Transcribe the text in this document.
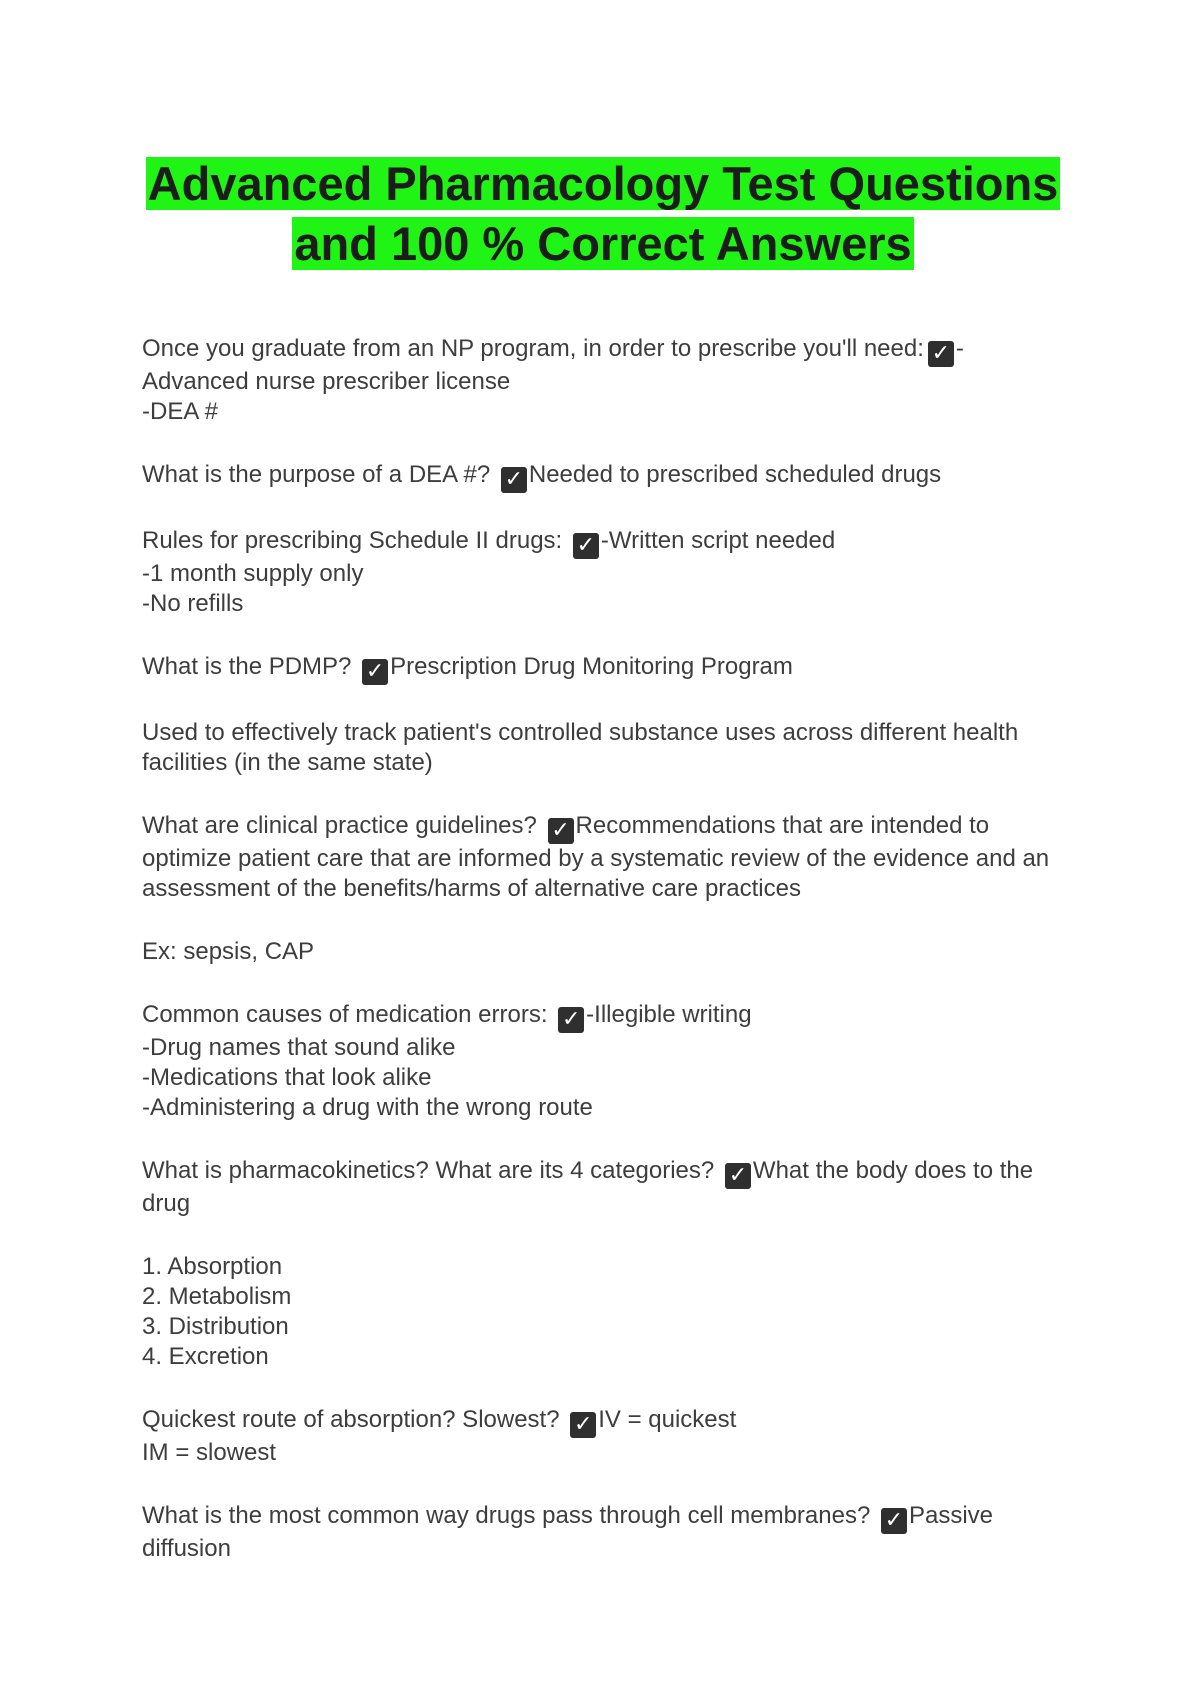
Advanced Pharmacology Test Questions
and 100 % Correct Answers
Once you graduate from an NP program, in order to prescribe you'll need: ✓ -
Advanced nurse prescriber license
-DEA #
What is the purpose of a DEA #? ✓ Needed to prescribed scheduled drugs
Rules for prescribing Schedule II drugs: ✓ -Written script needed
-1 month supply only
-No refills
What is the PDMP? ✓ Prescription Drug Monitoring Program
Used to effectively track patient's controlled substance uses across different health facilities (in the same state)
What are clinical practice guidelines? ✓ Recommendations that are intended to optimize patient care that are informed by a systematic review of the evidence and an assessment of the benefits/harms of alternative care practices
Ex: sepsis, CAP
Common causes of medication errors: ✓ -Illegible writing
-Drug names that sound alike
-Medications that look alike
-Administering a drug with the wrong route
What is pharmacokinetics? What are its 4 categories? ✓ What the body does to the drug
1. Absorption
2. Metabolism
3. Distribution
4. Excretion
Quickest route of absorption? Slowest? ✓ IV = quickest
IM = slowest
What is the most common way drugs pass through cell membranes? ✓ Passive diffusion
